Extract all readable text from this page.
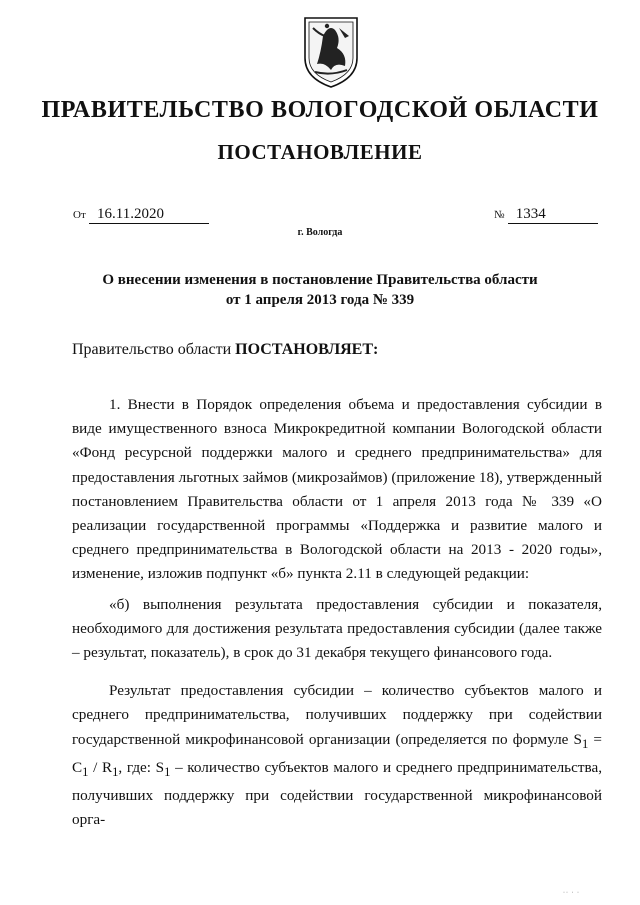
ПРАВИТЕЛЬСТВО ВОЛОГОДСКОЙ ОБЛАСТИ
ПОСТАНОВЛЕНИЕ
От 16.11.2020	№ 1334
г. Вологда
О внесении изменения в постановление Правительства области
от 1 апреля 2013 года № 339
Правительство области ПОСТАНОВЛЯЕТ:

1. Внести в Порядок определения объема и предоставления субсидии в виде имущественного взноса Микрокредитной компании Вологодской области «Фонд ресурсной поддержки малого и среднего предпринимательства» для предоставления льготных займов (микрозаймов) (приложение 18), утвержденный постановлением Правительства области от 1 апреля 2013 года № 339 «О реализации государственной программы «Поддержка и развитие малого и среднего предпринимательства в Вологодской области на 2013 - 2020 годы», изменение, изложив подпункт «б» пункта 2.11 в следующей редакции:

«б) выполнения результата предоставления субсидии и показателя, необходимого для достижения результата предоставления субсидии (далее также – результат, показатель), в срок до 31 декабря текущего финансового года.

Результат предоставления субсидии – количество субъектов малого и среднего предпринимательства, получивших поддержку при содействии государственной микрофинансовой организации (определяется по формуле $S_1 = C_1 / R_1$, где: $S_1$ – количество субъектов малого и среднего предпринимательства, получивших поддержку при содействии государственной микрофинансовой орга-

·· · ·
